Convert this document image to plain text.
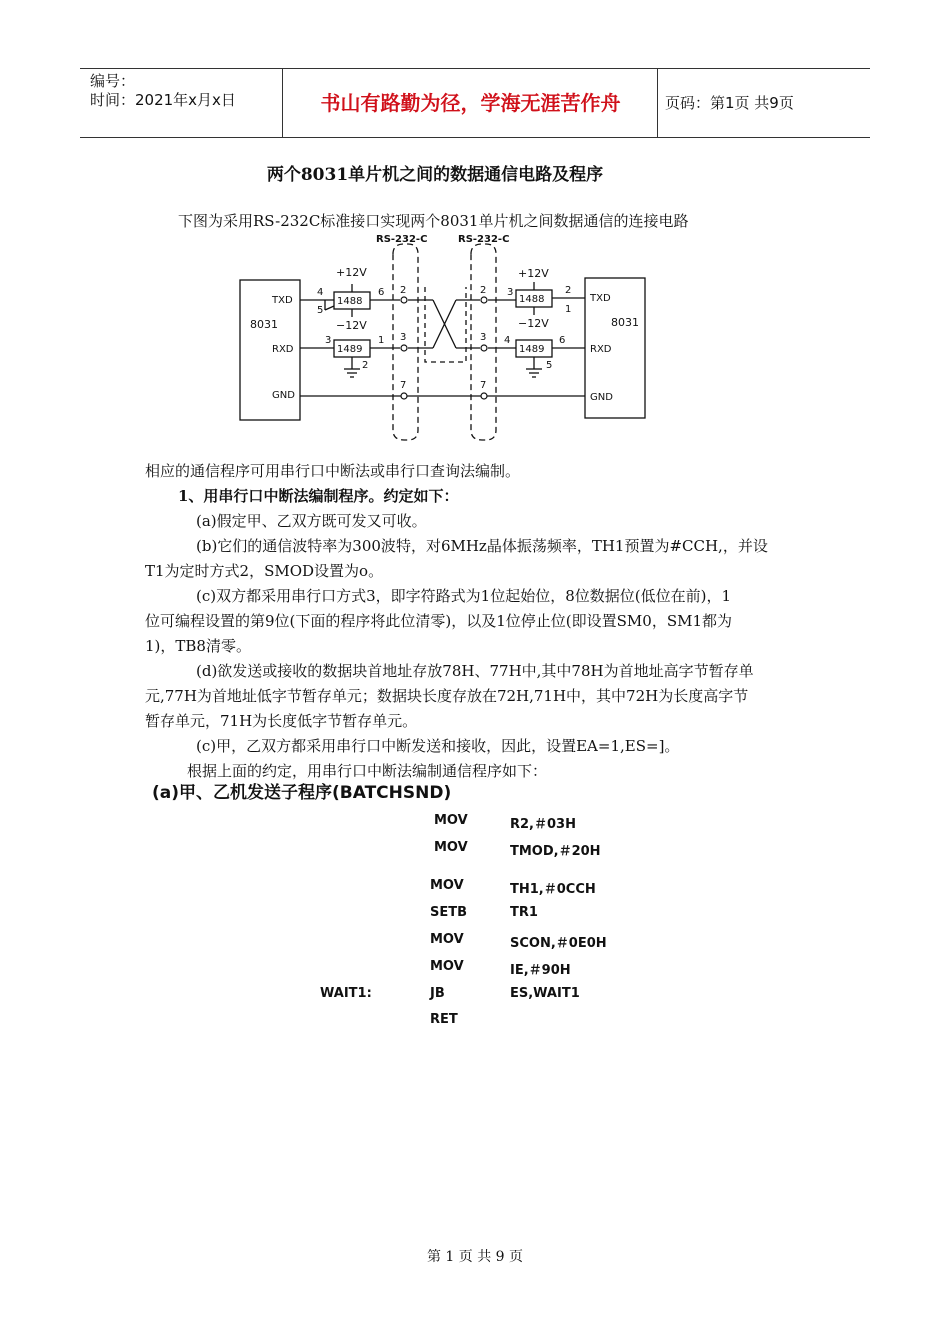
编号：
时间：2021年x月x日	书山有路勤为径，学海无涯苦作舟	页码：第1页 共9页
两个8031单片机之间的数据通信电路及程序
下图为采用RS-232C标准接口实现两个8031单片机之间数据通信的连接电路
RS-232-C	RS-232-C
+12V
−12V
+12V
−12V
1488
1489
1488
1489
8031	8031
TXD
RXD
GND
TXD
RXD
GND
4
5
6
3	1
2
2
3
7
2
3
7
3	2
1
4	6
5
相应的通信程序可用串行口中断法或串行口查询法编制。
1、用串行口中断法编制程序。约定如下：
(a)假定甲、乙双方既可发又可收。
(b)它们的通信波特率为300波特，对6MHz晶体振荡频率，TH1预置为#CCH,，并设
T1为定时方式2，SMOD设置为o。
(c)双方都采用串行口方式3，即字符路式为1位起始位，8位数据位(低位在前)，1
位可编程设置的第9位(下面的程序将此位清零)，以及1位停止位(即设置SM0，SM1都为
1)，TB8清零。
(d)欲发送或接收的数据块首地址存放78H、77H中,其中78H为首地址高字节暂存单
元,77H为首地址低字节暂存单元；数据块长度存放在72H,71H中，其中72H为长度高字节
暂存单元，71H为长度低字节暂存单元。
(c)甲，乙双方都采用串行口中断发送和接收，因此，设置EA=1,ES=]。
根据上面的约定，用串行口中断法编制通信程序如下：
(a)甲、乙机发送子程序(BATCHSND)
MOV	R2,＃03H
MOV	TMOD,＃20H
MOV	TH1,＃0CCH
SETB	TR1
MOV	SCON,＃0E0H
MOV	IE,＃90H
WAIT1:	JB	ES,WAIT1
RET
第 1 页 共 9 页
